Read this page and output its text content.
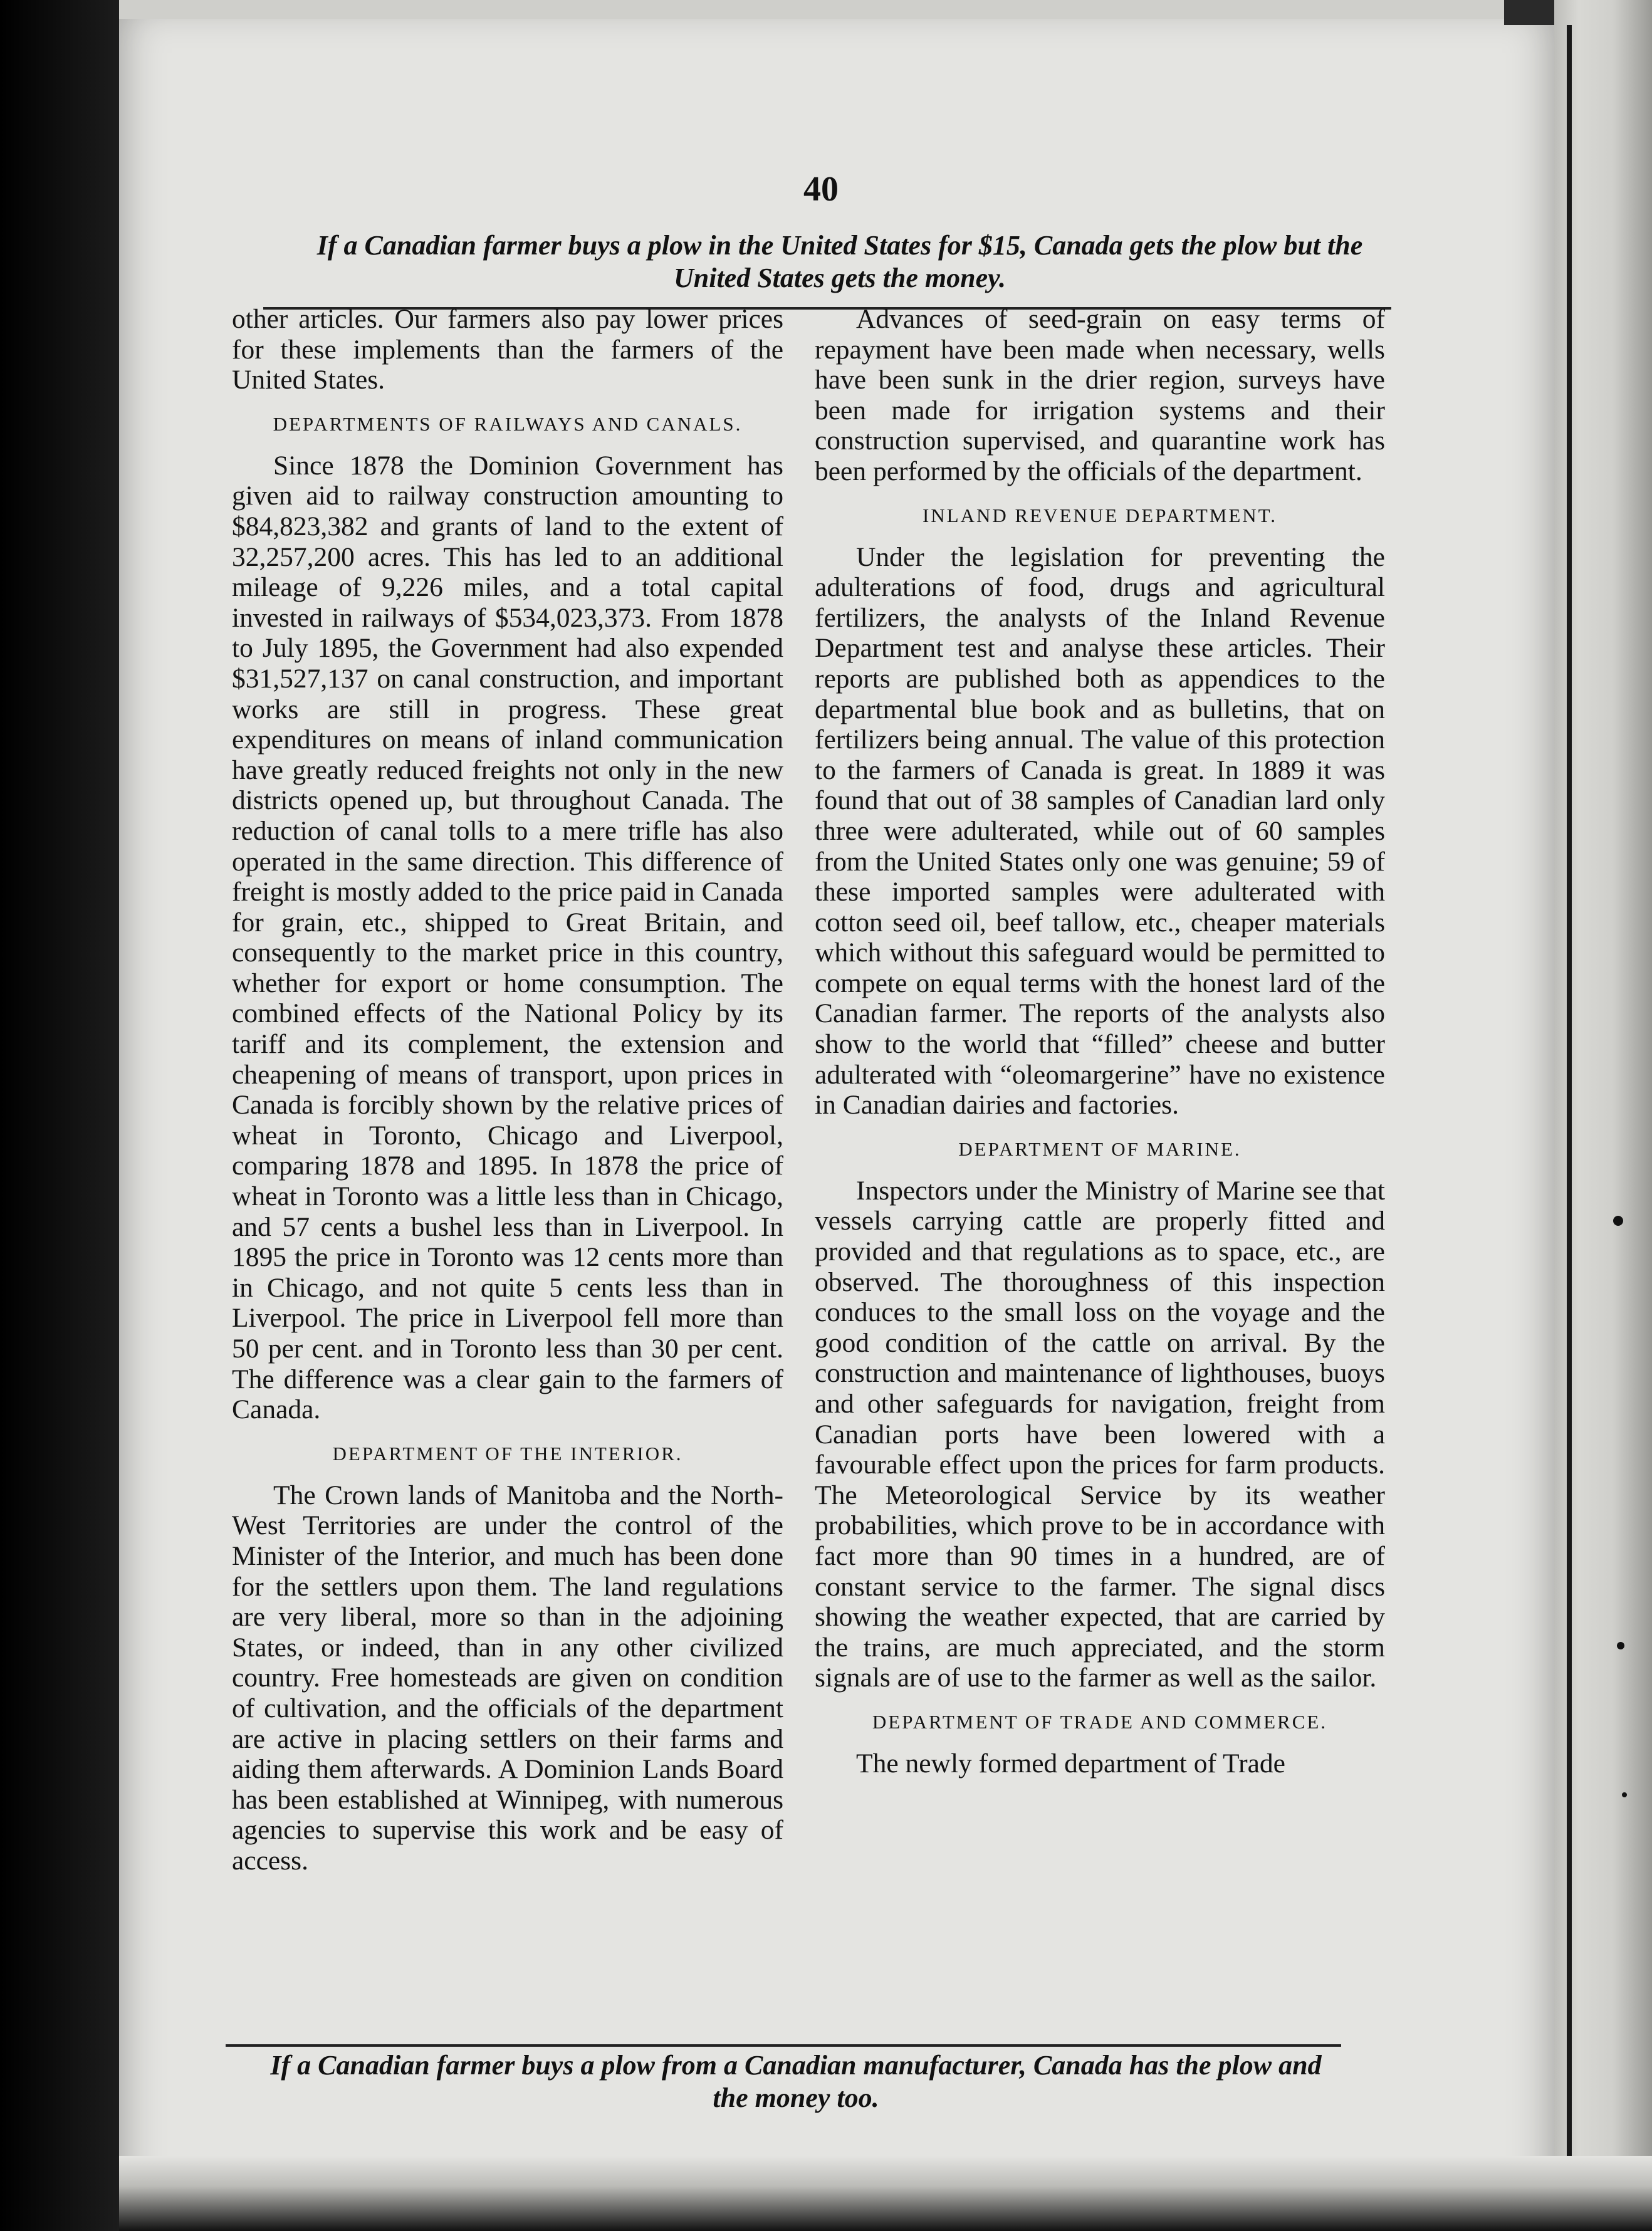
40
If a Canadian farmer buys a plow in the United States for $15, Canada gets the plow but the United States gets the money.

other articles. Our farmers also pay lower prices for these implements than the farmers of the United States.

DEPARTMENTS OF RAILWAYS AND CANALS.

Since 1878 the Dominion Government has given aid to railway construction amounting to $84,823,382 and grants of land to the extent of 32,257,200 acres. This has led to an additional mileage of 9,226 miles, and a total capital invested in railways of $534,023,373. From 1878 to July 1895, the Government had also expended $31,527,137 on canal construction, and important works are still in progress. These great expenditures on means of inland communication have greatly reduced freights not only in the new districts opened up, but throughout Canada. The reduction of canal tolls to a mere trifle has also operated in the same direction. This difference of freight is mostly added to the price paid in Canada for grain, etc., shipped to Great Britain, and consequently to the market price in this country, whether for export or home consumption. The combined effects of the National Policy by its tariff and its complement, the extension and cheapening of means of transport, upon prices in Canada is forcibly shown by the relative prices of wheat in Toronto, Chicago and Liverpool, comparing 1878 and 1895. In 1878 the price of wheat in Toronto was a little less than in Chicago, and 57 cents a bushel less than in Liverpool. In 1895 the price in Toronto was 12 cents more than in Chicago, and not quite 5 cents less than in Liverpool. The price in Liverpool fell more than 50 per cent. and in Toronto less than 30 per cent. The difference was a clear gain to the farmers of Canada.

DEPARTMENT OF THE INTERIOR.

The Crown lands of Manitoba and the North-West Territories are under the control of the Minister of the Interior, and much has been done for the settlers upon them. The land regulations are very liberal, more so than in the adjoining States, or indeed, than in any other civilized country. Free homesteads are given on condition of cultivation, and the officials of the department are active in placing settlers on their farms and aiding them afterwards. A Dominion Lands Board has been established at Winnipeg, with numerous agencies to supervise this work and be easy of access.

Advances of seed-grain on easy terms of repayment have been made when necessary, wells have been sunk in the drier region, surveys have been made for irrigation systems and their construction supervised, and quarantine work has been performed by the officials of the department.

INLAND REVENUE DEPARTMENT.

Under the legislation for preventing the adulterations of food, drugs and agricultural fertilizers, the analysts of the Inland Revenue Department test and analyse these articles. Their reports are published both as appendices to the departmental blue book and as bulletins, that on fertilizers being annual. The value of this protection to the farmers of Canada is great. In 1889 it was found that out of 38 samples of Canadian lard only three were adulterated, while out of 60 samples from the United States only one was genuine; 59 of these imported samples were adulterated with cotton seed oil, beef tallow, etc., cheaper materials which without this safeguard would be permitted to compete on equal terms with the honest lard of the Canadian farmer. The reports of the analysts also show to the world that “filled” cheese and butter adulterated with “oleomargerine” have no existence in Canadian dairies and factories.

DEPARTMENT OF MARINE.

Inspectors under the Ministry of Marine see that vessels carrying cattle are properly fitted and provided and that regulations as to space, etc., are observed. The thoroughness of this inspection conduces to the small loss on the voyage and the good condition of the cattle on arrival. By the construction and maintenance of lighthouses, buoys and other safeguards for navigation, freight from Canadian ports have been lowered with a favourable effect upon the prices for farm products. The Meteorological Service by its weather probabilities, which prove to be in accordance with fact more than 90 times in a hundred, are of constant service to the farmer. The signal discs showing the weather expected, that are carried by the trains, are much appreciated, and the storm signals are of use to the farmer as well as the sailor.

DEPARTMENT OF TRADE AND COMMERCE.

The newly formed department of Trade

If a Canadian farmer buys a plow from a Canadian manufacturer, Canada has the plow and the money too.
